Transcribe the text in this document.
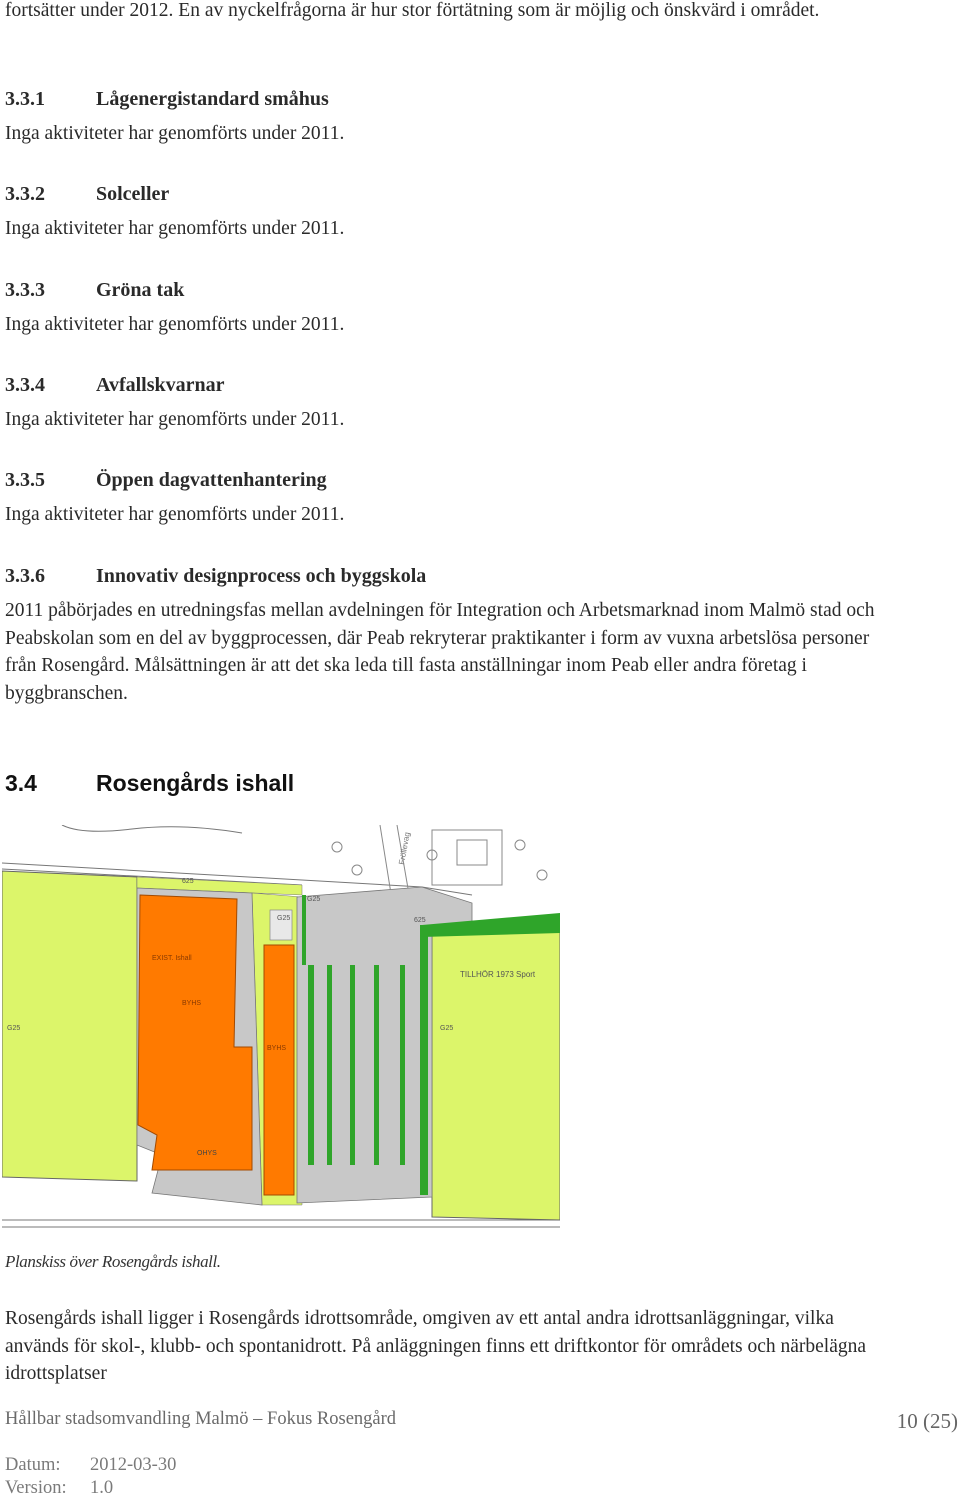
fortsätter under 2012. En av nyckelfrågorna är hur stor förtätning som är möjlig och önskvärd i området.

3.3.1	Lågenergistandard småhus

Inga aktiviteter har genomförts under 2011.

3.3.2	Solceller

Inga aktiviteter har genomförts under 2011.

3.3.3	Gröna tak

Inga aktiviteter har genomförts under 2011.

3.3.4	Avfallskvarnar

Inga aktiviteter har genomförts under 2011.

3.3.5	Öppen dagvattenhantering

Inga aktiviteter har genomförts under 2011.

3.3.6	Innovativ designprocess och byggskola

2011 påbörjades en utredningsfas mellan avdelningen för Integration och Arbetsmarknad inom Malmö stad och Peabskolan som en del av byggprocessen, där Peab rekryterar praktikanter i form av vuxna arbetslösa personer från Rosengård. Målsättningen är att det ska leda till fasta anställningar inom Peab eller andra företag i byggbranschen.

3.4	Rosengårds ishall
Fröllevag
TILLHÖR 1973 Sport
625
G25
G25	625
G25	G25
EXIST. Ishall
BYHS
BYHS
OHYS
Planskiss över Rosengårds ishall.

Rosengårds ishall ligger i Rosengårds idrottsområde, omgiven av ett antal andra idrottsanläggningar, vilka används för skol-, klubb- och spontanidrott. På anläggningen finns ett driftkontor för områdets och närbelägna idrottsplatser

Hållbar stadsomvandling Malmö – Fokus Rosengård	10 (25)
Datum: 2012-03-30
Version: 1.0
